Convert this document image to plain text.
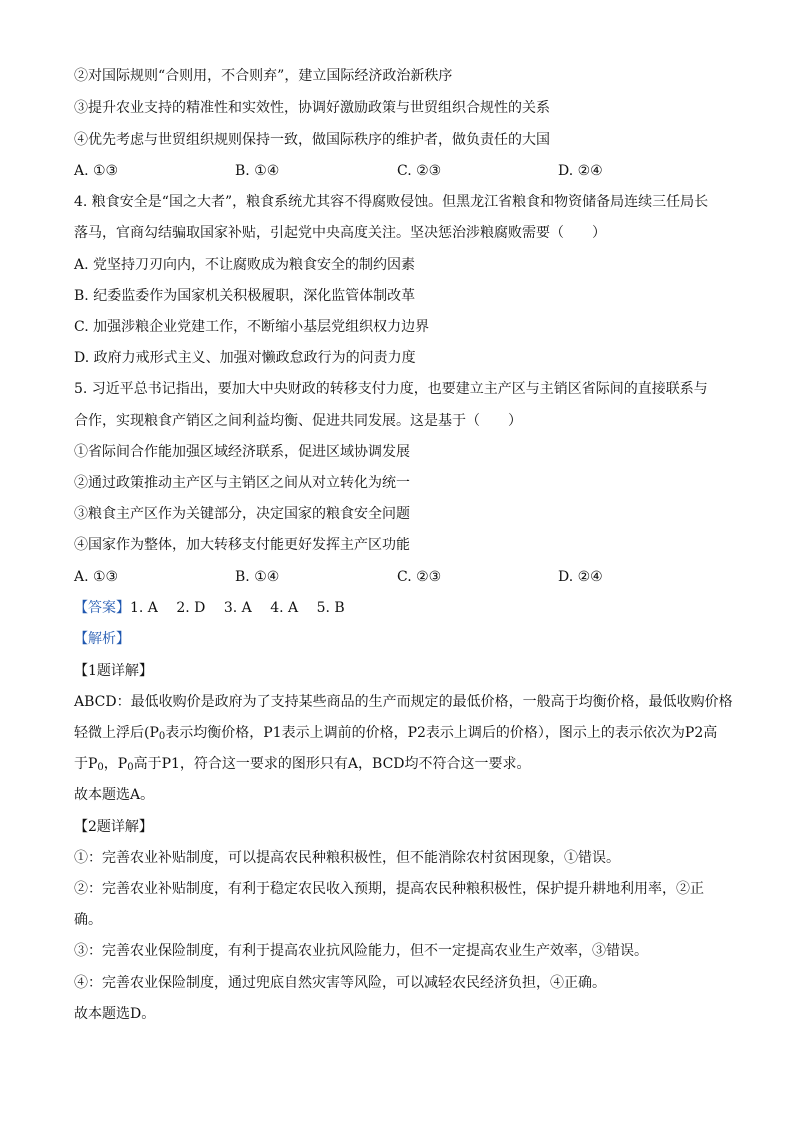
②对国际规则“合则用，不合则弃”，建立国际经济政治新秩序
③提升农业支持的精准性和实效性，协调好激励政策与世贸组织合规性的关系
④优先考虑与世贸组织规则保持一致，做国际秩序的维护者，做负责任的大国
A. ①③	B. ①④	C. ②③	D. ②④
4. 粮食安全是“国之大者”，粮食系统尤其容不得腐败侵蚀。但黑龙江省粮食和物资储备局连续三任局长
落马，官商勾结骗取国家补贴，引起党中央高度关注。坚决惩治涉粮腐败需要（　　）
A. 党坚持刀刃向内，不让腐败成为粮食安全的制约因素
B. 纪委监委作为国家机关积极履职，深化监管体制改革
C. 加强涉粮企业党建工作，不断缩小基层党组织权力边界
D. 政府力戒形式主义、加强对懒政怠政行为的问责力度
5. 习近平总书记指出，要加大中央财政的转移支付力度，也要建立主产区与主销区省际间的直接联系与
合作，实现粮食产销区之间利益均衡、促进共同发展。这是基于（　　）
①省际间合作能加强区域经济联系，促进区域协调发展
②通过政策推动主产区与主销区之间从对立转化为统一
③粮食主产区作为关键部分，决定国家的粮食安全问题
④国家作为整体，加大转移支付能更好发挥主产区功能
A. ①③	B. ①④	C. ②③	D. ②④
【答案】1. A　 2. D　 3. A　 4. A　 5. B
【解析】
【1题详解】
ABCD：最低收购价是政府为了支持某些商品的生产而规定的最低价格，一般高于均衡价格，最低收购价格
轻微上浮后($P_0$表示均衡价格，P1表示上调前的价格，P2表示上调后的价格），图示上的表示依次为P2高
于$P_0$，$P_0$高于P1，符合这一要求的图形只有A，BCD均不符合这一要求。
故本题选A。
【2题详解】
①：完善农业补贴制度，可以提高农民种粮积极性，但不能消除农村贫困现象，①错误。
②：完善农业补贴制度，有利于稳定农民收入预期，提高农民种粮积极性，保护提升耕地利用率，②正
确。
③：完善农业保险制度，有利于提高农业抗风险能力，但不一定提高农业生产效率，③错误。
④：完善农业保险制度，通过兜底自然灾害等风险，可以减轻农民经济负担，④正确。
故本题选D。
